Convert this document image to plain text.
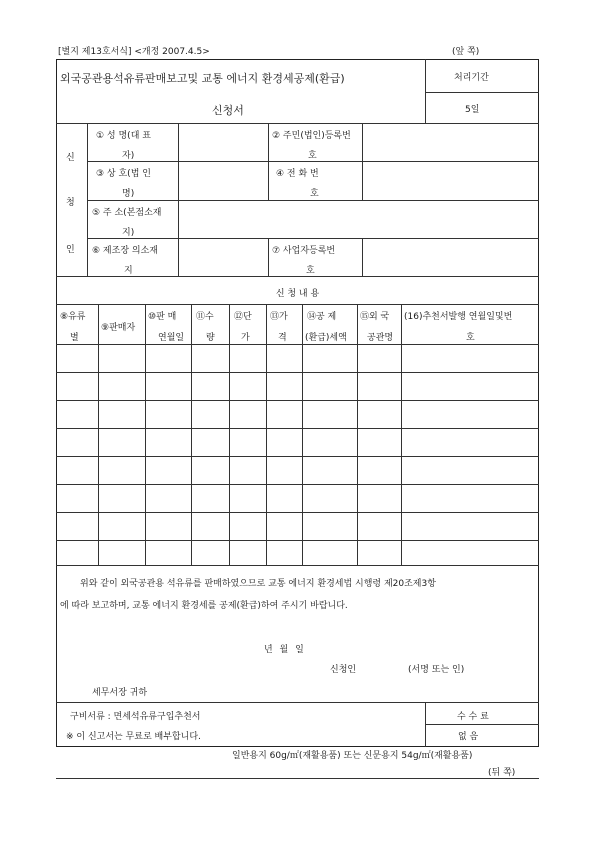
[별지 제13호서식] <개정 2007.4.5>	(앞 쪽)
외국공관용석유류판매보고및 교통 에너지 환경세공제(환급)
신청서
처리기간
5일
신
청
인
① 성 명(대 표
자)
② 주민(법인)등록번
호
③ 상 호(법 인
명)
④ 전 화 번
호
⑤ 주 소(본점소재
지)
⑥ 제조장 의소재
지
⑦ 사업자등록번
호
신 청 내 용
⑧유류
별
⑨판매자
⑩판 매
연월일
⑪수
량
⑫단
가
⑬가
격
⑭공 제
(환급)세액
⑮외 국
공관명
(16)추천서발행 연월일및번
호
위와 같이 외국공관용 석유류를 판매하였으므로 교통 에너지 환경세법 시행령 제20조제3항
에 따라 보고하며, 교통 에너지 환경세를 공제(환급)하여 주시기 바랍니다.
년 월 일
신청인	(서명 또는 인)
세무서장 귀하
구비서류 : 면세석유류구입추천서
※ 이 신고서는 무료로 배부합니다.
수 수 료
없 음
일반용지 60g/㎡(재활용품) 또는 신문용지 54g/㎡(재활용품)
(뒤 쪽)
